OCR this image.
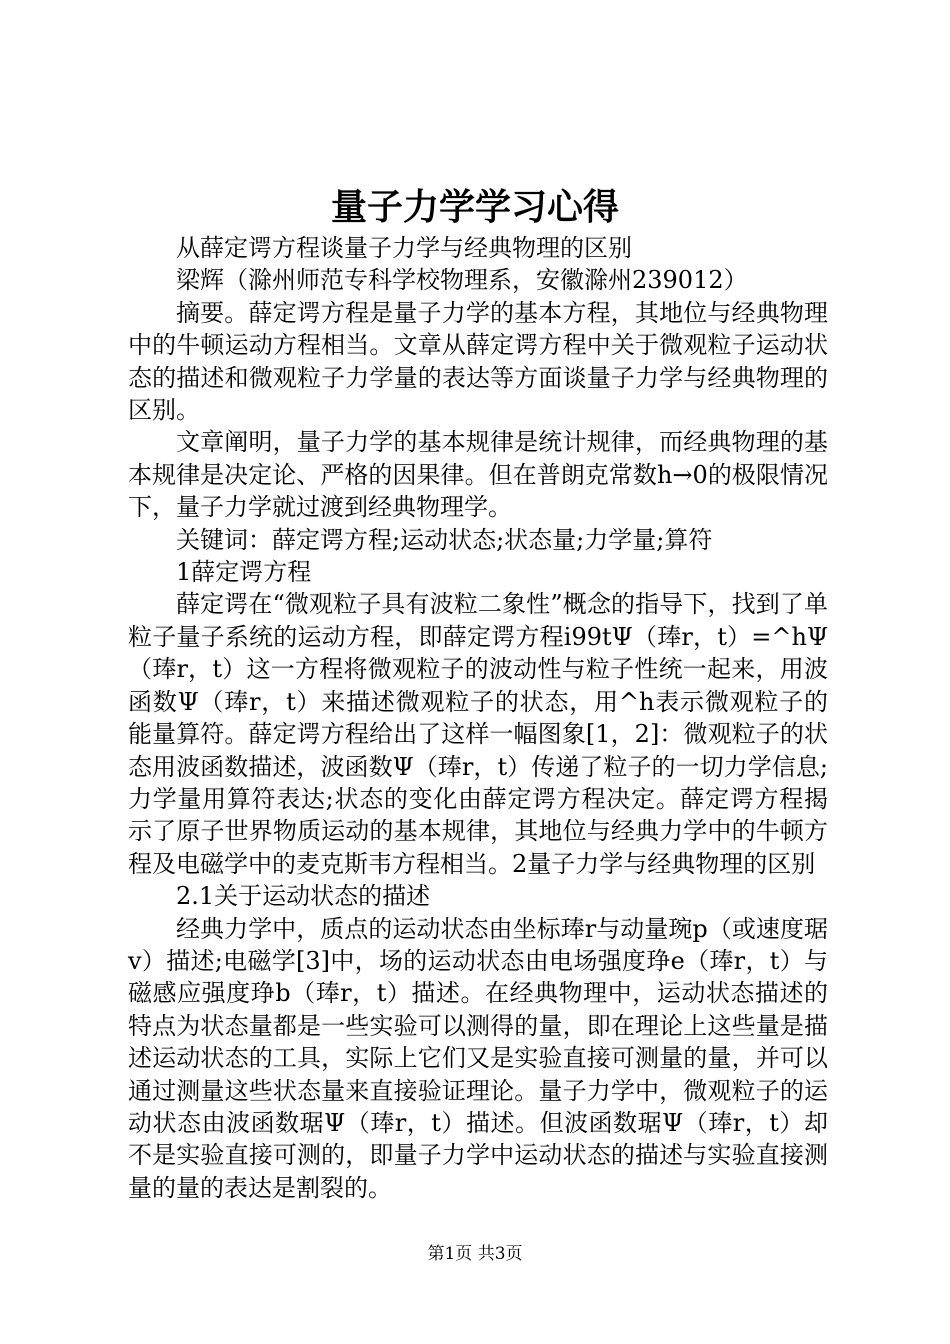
量子力学学习心得

从薛定谔方程谈量子力学与经典物理的区别

梁辉（滁州师范专科学校物理系，安徽滁州239012）

摘要。薛定谔方程是量子力学的基本方程，其地位与经典物理中的牛顿运动方程相当。文章从薛定谔方程中关于微观粒子运动状态的描述和微观粒子力学量的表达等方面谈量子力学与经典物理的区别。

文章阐明，量子力学的基本规律是统计规律，而经典物理的基本规律是决定论、严格的因果律。但在普朗克常数h→0的极限情况下，量子力学就过渡到经典物理学。

关键词：薛定谔方程;运动状态;状态量;力学量;算符

1薛定谔方程

薛定谔在“微观粒子具有波粒二象性”概念的指导下，找到了单粒子量子系统的运动方程，即薛定谔方程i99tΨ（琫r，t）=^hΨ（琫r，t）这一方程将微观粒子的波动性与粒子性统一起来，用波函数Ψ（琫r，t）来描述微观粒子的状态，用^h表示微观粒子的能量算符。薛定谔方程给出了这样一幅图象[1，2]：微观粒子的状态用波函数描述，波函数Ψ（琫r，t）传递了粒子的一切力学信息;力学量用算符表达;状态的变化由薛定谔方程决定。薛定谔方程揭示了原子世界物质运动的基本规律，其地位与经典力学中的牛顿方程及电磁学中的麦克斯韦方程相当。2量子力学与经典物理的区别

2.1关于运动状态的描述

经典力学中，质点的运动状态由坐标琫r与动量琬p（或速度琚v）描述;电磁学[3]中，场的运动状态由电场强度琤e（琫r，t）与磁感应强度琤b（琫r，t）描述。在经典物理中，运动状态描述的特点为状态量都是一些实验可以测得的量，即在理论上这些量是描述运动状态的工具，实际上它们又是实验直接可测量的量，并可以通过测量这些状态量来直接验证理论。量子力学中，微观粒子的运动状态由波函数琚Ψ（琫r，t）描述。但波函数琚Ψ（琫r，t）却不是实验直接可测的，即量子力学中运动状态的描述与实验直接测量的量的表达是割裂的。

第1页 共3页
